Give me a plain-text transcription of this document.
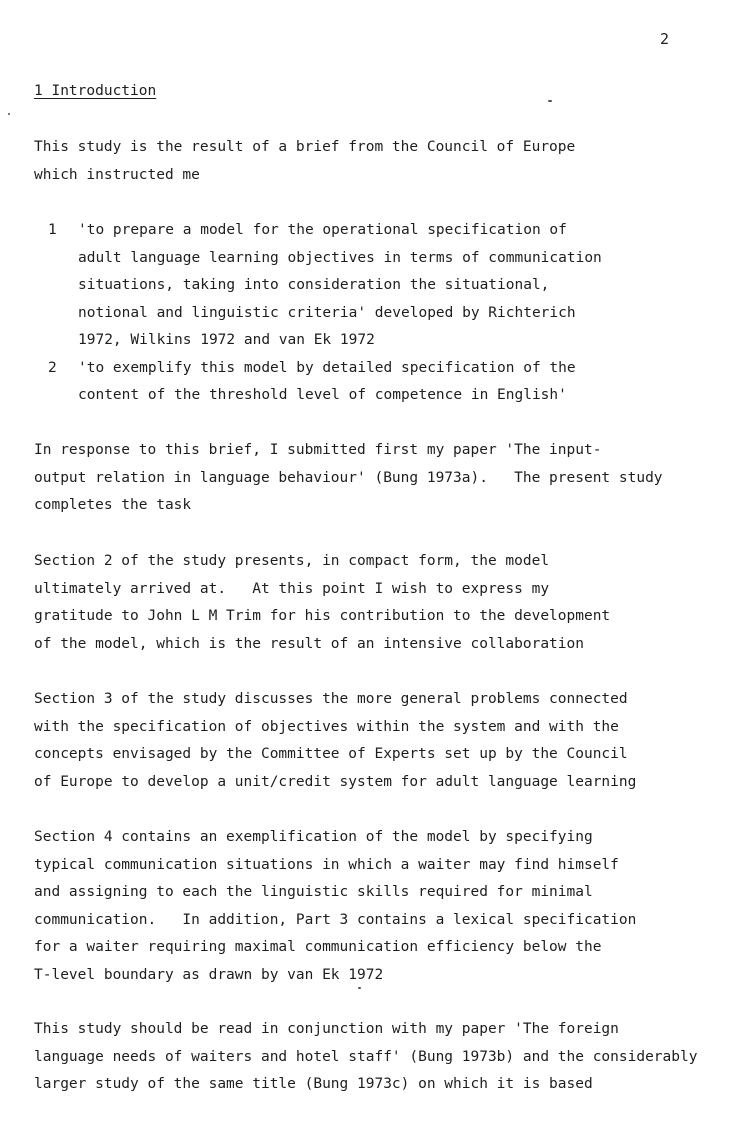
2
1 Introduction
This study is the result of a brief from the Council of Europe
which instructed me
1	'to prepare a model for the operational specification of
adult language learning objectives in terms of communication
situations, taking into consideration the situational,
notional and linguistic criteria' developed by Richterich
1972, Wilkins 1972 and van Ek 1972
2	'to exemplify this model by detailed specification of the
content of the threshold level of competence in English'
In response to this brief, I submitted first my paper 'The input-
output relation in language behaviour' (Bung 1973a).   The present study
completes the task
Section 2 of the study presents, in compact form, the model
ultimately arrived at.   At this point I wish to express my
gratitude to John L M Trim for his contribution to the development
of the model, which is the result of an intensive collaboration
Section 3 of the study discusses the more general problems connected
with the specification of objectives within the system and with the
concepts envisaged by the Committee of Experts set up by the Council
of Europe to develop a unit/credit system for adult language learning
Section 4 contains an exemplification of the model by specifying
typical communication situations in which a waiter may find himself
and assigning to each the linguistic skills required for minimal
communication.   In addition, Part 3 contains a lexical specification
for a waiter requiring maximal communication efficiency below the
T-level boundary as drawn by van Ek 1972
This study should be read in conjunction with my paper 'The foreign
language needs of waiters and hotel staff' (Bung 1973b) and the considerably
larger study of the same title (Bung 1973c) on which it is based
